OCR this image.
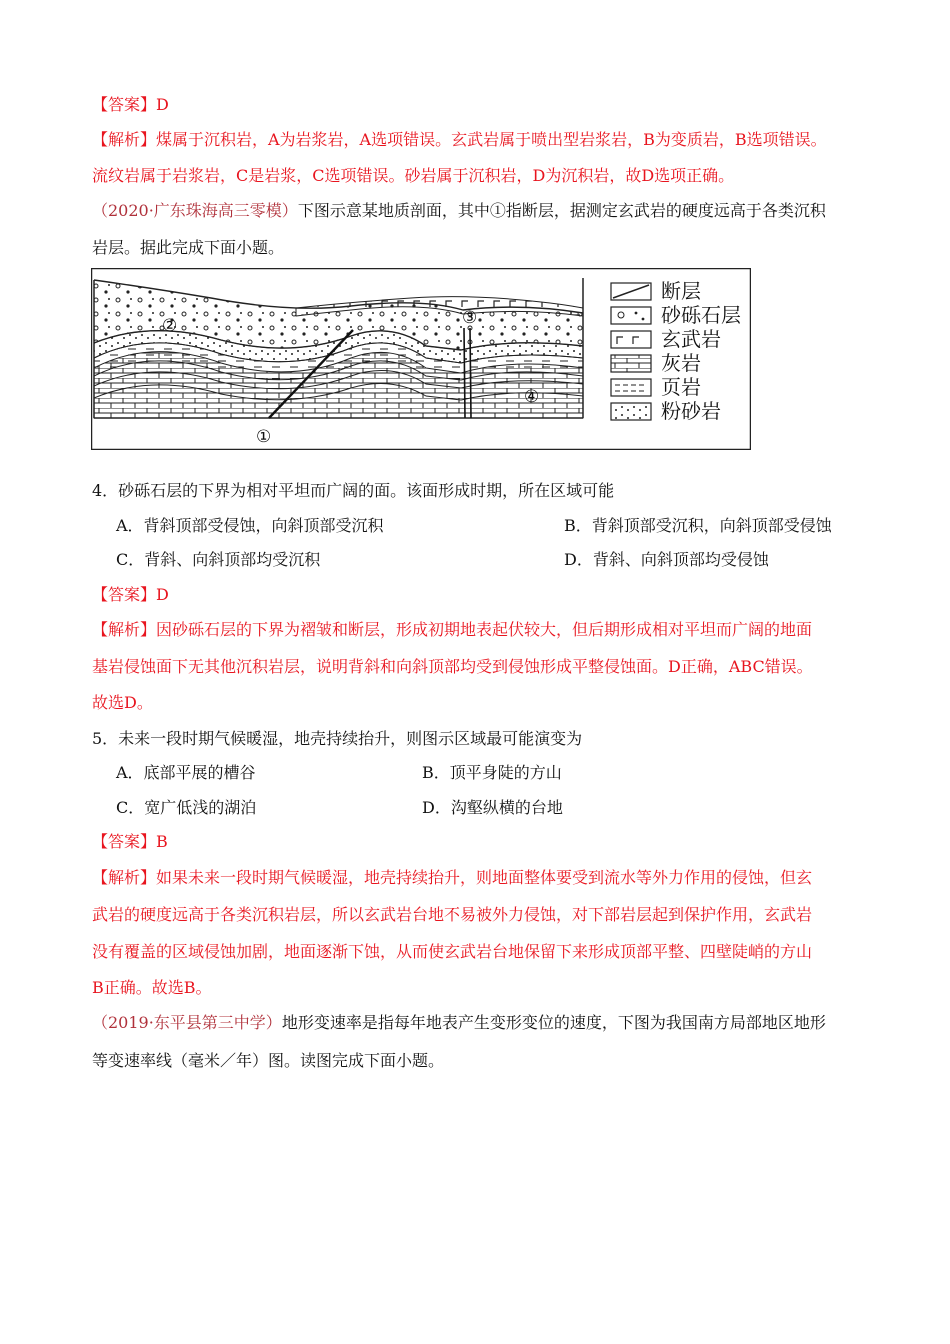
【答案】D
【解析】煤属于沉积岩，A为岩浆岩，A选项错误。玄武岩属于喷出型岩浆岩，B为变质岩，B选项错误。
流纹岩属于岩浆岩，C是岩浆，C选项错误。砂岩属于沉积岩，D为沉积岩，故D选项正确。
（2020·广东珠海高三零模）下图示意某地质剖面，其中①指断层，据测定玄武岩的硬度远高于各类沉积
岩层。据此完成下面小题。
①
②	③
④
断层
砂砾石层
玄武岩
灰岩
页岩
粉砂岩
4．砂砾石层的下界为相对平坦而广阔的面。该面形成时期，所在区域可能
A．背斜顶部受侵蚀，向斜顶部受沉积	B．背斜顶部受沉积，向斜顶部受侵蚀
C．背斜、向斜顶部均受沉积	D．背斜、向斜顶部均受侵蚀
【答案】D
【解析】因砂砾石层的下界为褶皱和断层，形成初期地表起伏较大，但后期形成相对平坦而广阔的地面
基岩侵蚀面下无其他沉积岩层，说明背斜和向斜顶部均受到侵蚀形成平整侵蚀面。D正确，ABC错误。
故选D。
5．未来一段时期气候暖湿，地壳持续抬升，则图示区域最可能演变为
A．底部平展的槽谷	B．顶平身陡的方山
C．宽广低浅的湖泊	D．沟壑纵横的台地
【答案】B
【解析】如果未来一段时期气候暖湿，地壳持续抬升，则地面整体要受到流水等外力作用的侵蚀，但玄
武岩的硬度远高于各类沉积岩层，所以玄武岩台地不易被外力侵蚀，对下部岩层起到保护作用，玄武岩
没有覆盖的区域侵蚀加剧，地面逐渐下蚀，从而使玄武岩台地保留下来形成顶部平整、四壁陡峭的方山
B正确。故选B。
（2019·东平县第三中学）地形变速率是指每年地表产生变形变位的速度，下图为我国南方局部地区地形
等变速率线（毫米／年）图。读图完成下面小题。
